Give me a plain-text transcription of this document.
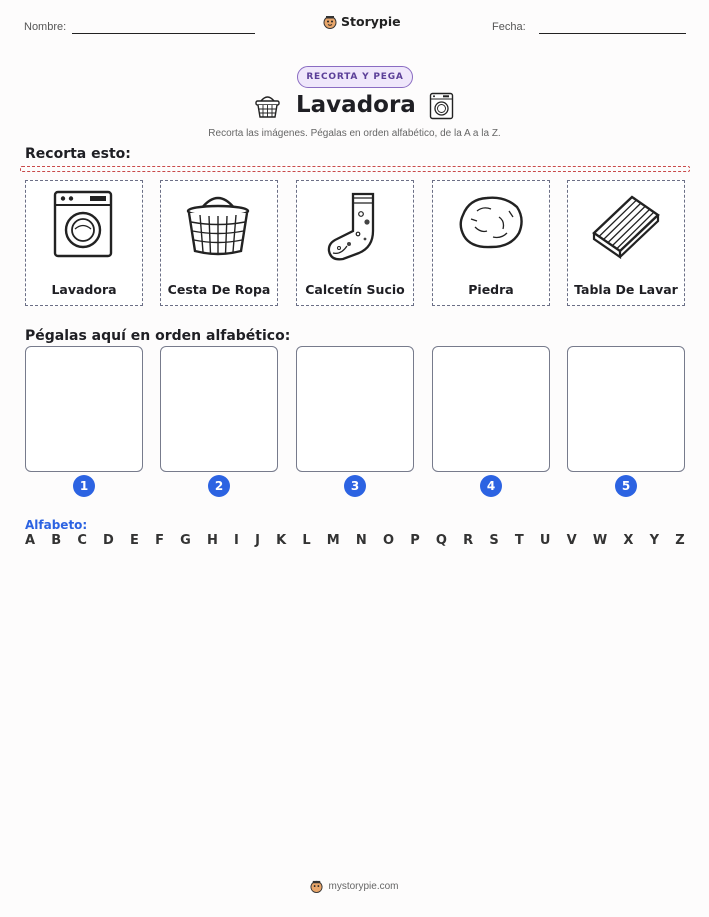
Nombre:	Storypie	Fecha:
RECORTA Y PEGA
Lavadora
Recorta las imágenes. Pégalas en orden alfabético, de la A a la Z.
Recorta esto:
Lavadora	Cesta De Ropa	Calcetín Sucio	Piedra	Tabla De Lavar
Pégalas aquí en orden alfabético:
1	2	3	4	5
Alfabeto:
A B C D E F G H I J K L M N O P Q R S T U V W X Y Z
mystorypie.com
